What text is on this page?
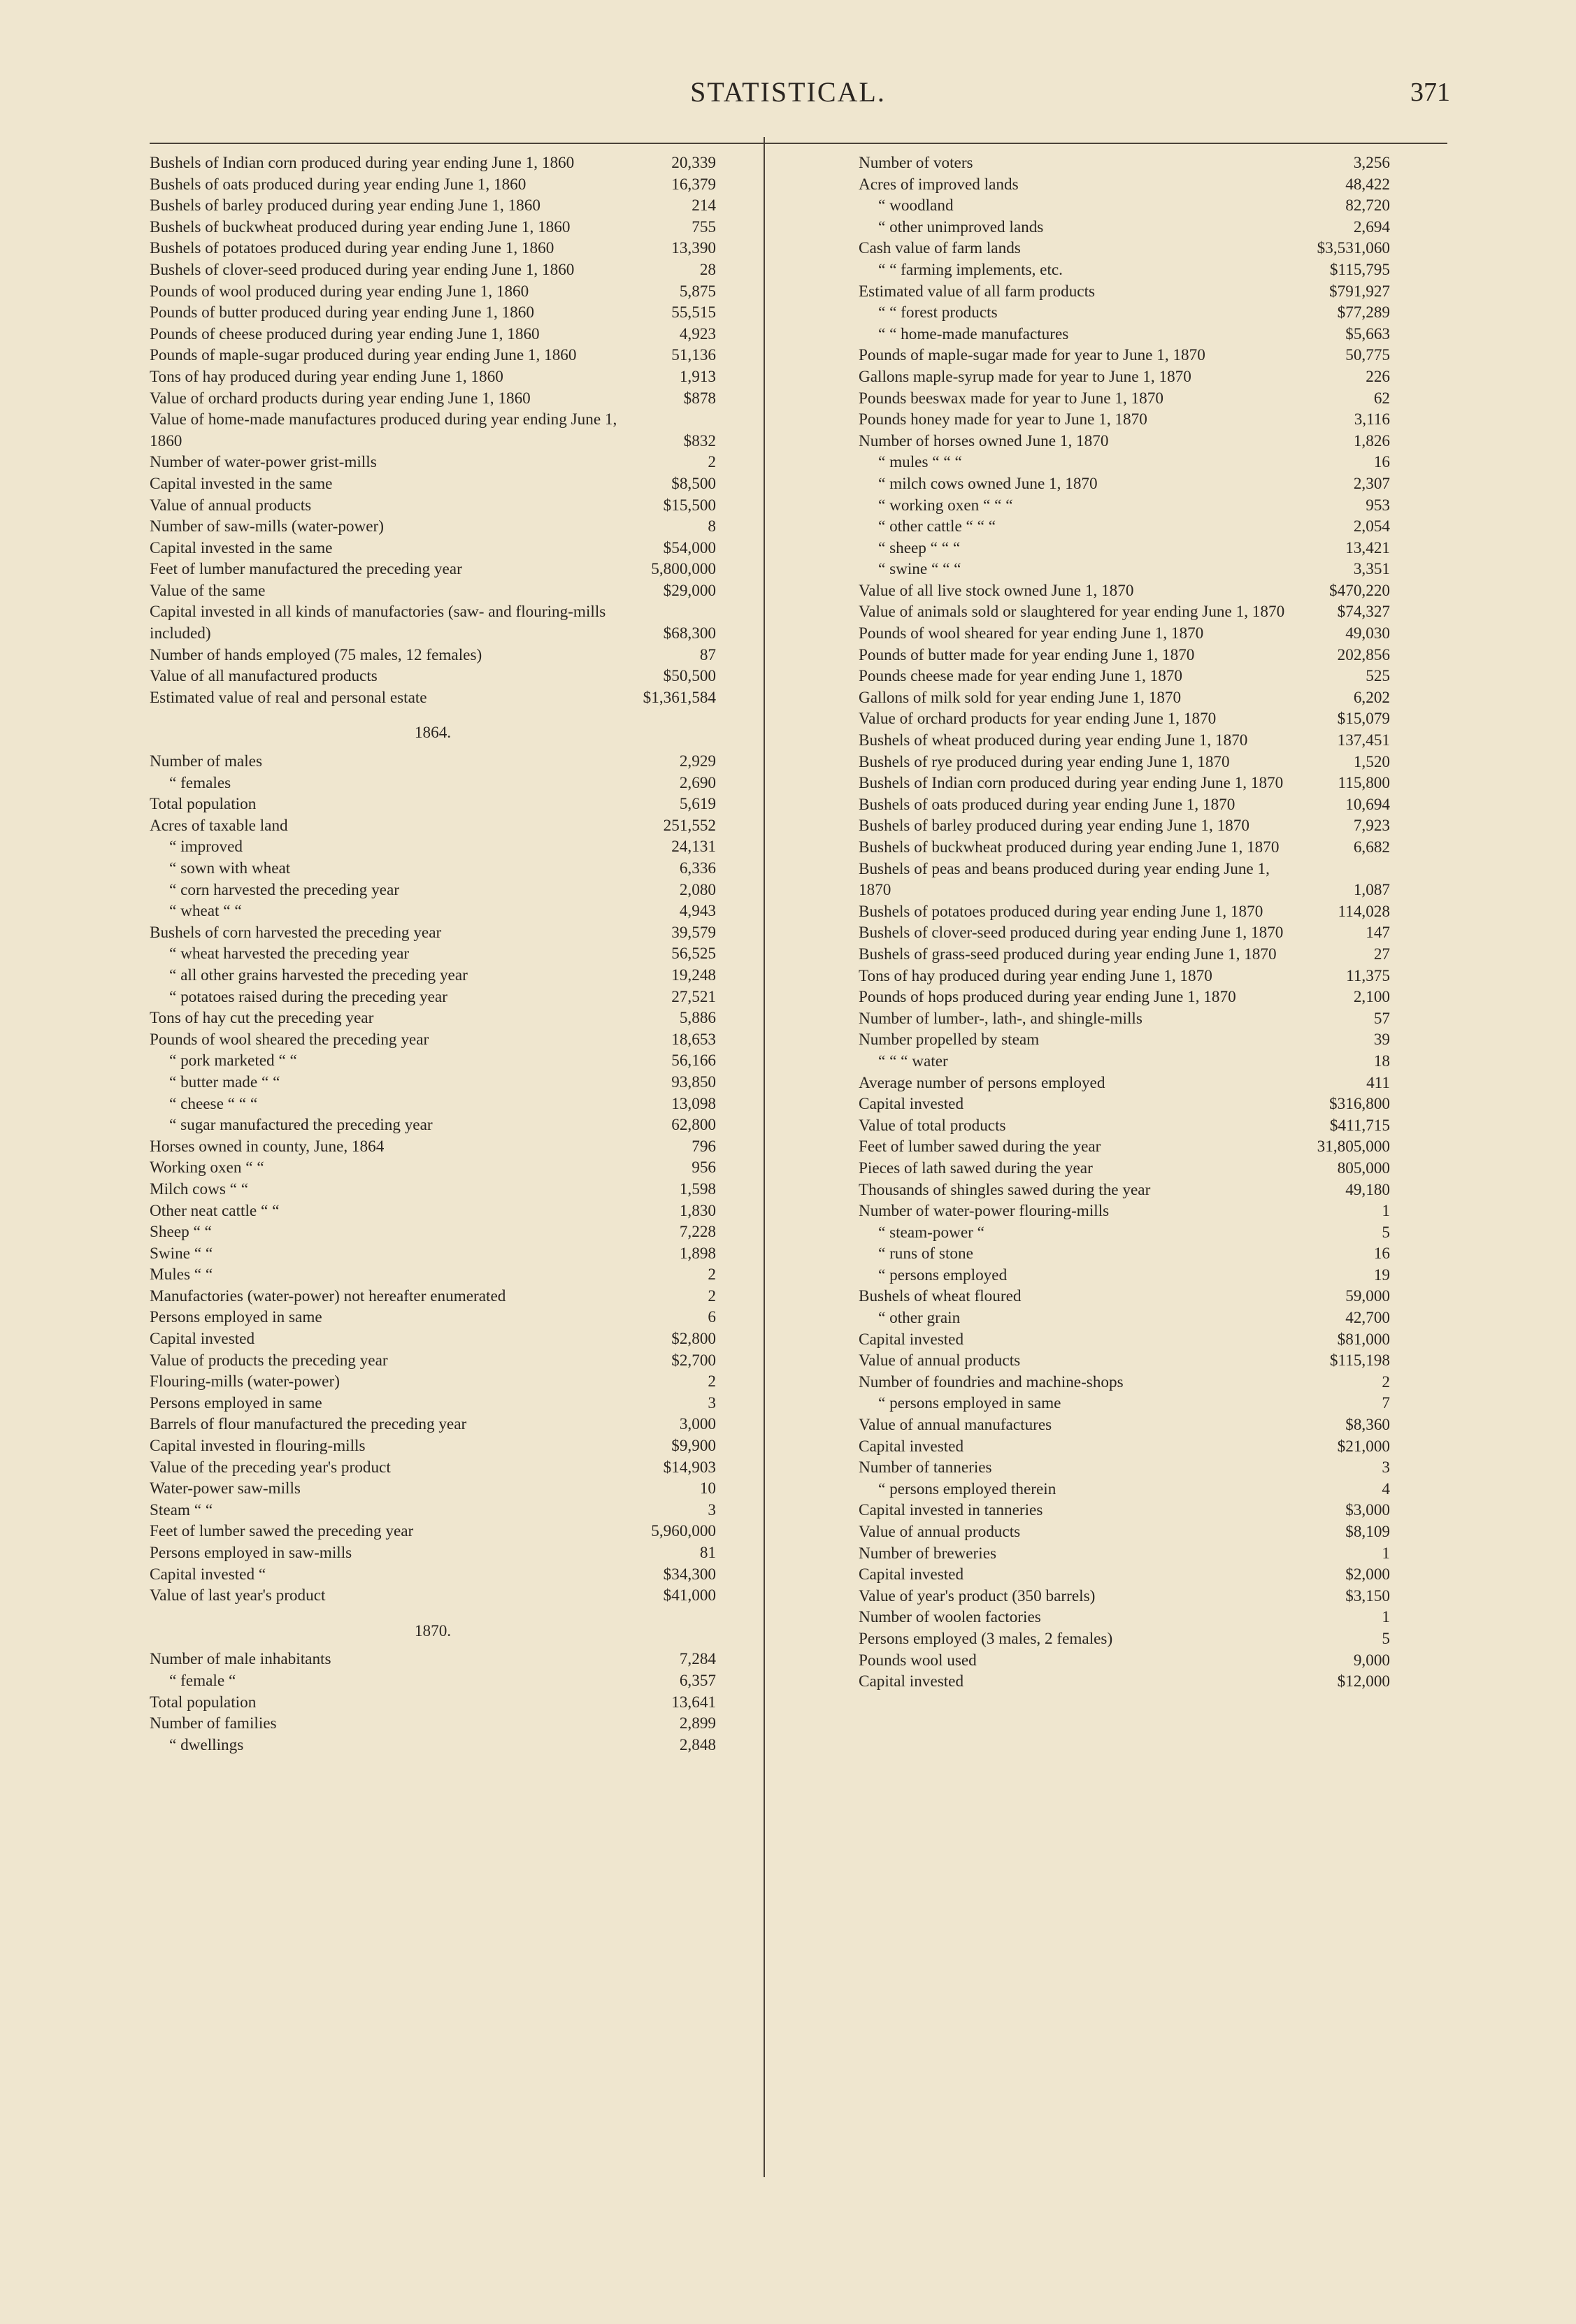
STATISTICAL.	371
Bushels of Indian corn produced during year ending June 1, 1860	20,339
Bushels of oats produced during year ending June 1, 1860	16,379
Bushels of barley produced during year ending June 1, 1860	214
Bushels of buckwheat produced during year ending June 1, 1860	755
Bushels of potatoes produced during year ending June 1, 1860	13,390
Bushels of clover-seed produced during year ending June 1, 1860	28
Pounds of wool produced during year ending June 1, 1860	5,875
Pounds of butter produced during year ending June 1, 1860	55,515
Pounds of cheese produced during year ending June 1, 1860	4,923
Pounds of maple-sugar produced during year ending June 1, 1860	51,136
Tons of hay produced during year ending June 1, 1860	1,913
Value of orchard products during year ending June 1, 1860	$878
Value of home-made manufactures produced during year ending June 1, 1860	$832
Number of water-power grist-mills	2
Capital invested in the same	$8,500
Value of annual products	$15,500
Number of saw-mills (water-power)	8
Capital invested in the same	$54,000
Feet of lumber manufactured the preceding year	5,800,000
Value of the same	$29,000
Capital invested in all kinds of manufactories (saw- and flouring-mills included)	$68,300
Number of hands employed (75 males, 12 females)	87
Value of all manufactured products	$50,500
Estimated value of real and personal estate	$1,361,584
1864.
Number of males	2,929
“ females	2,690
Total population	5,619
Acres of taxable land	251,552
“ improved	24,131
“ sown with wheat	6,336
“ corn harvested the preceding year	2,080
“ wheat “ “	4,943
Bushels of corn harvested the preceding year	39,579
“ wheat harvested the preceding year	56,525
“ all other grains harvested the preceding year	19,248
“ potatoes raised during the preceding year	27,521
Tons of hay cut the preceding year	5,886
Pounds of wool sheared the preceding year	18,653
“ pork marketed “ “	56,166
“ butter made “ “	93,850
“ cheese “ “ “	13,098
“ sugar manufactured the preceding year	62,800
Horses owned in county, June, 1864	796
Working oxen “ “	956
Milch cows “ “	1,598
Other neat cattle “ “	1,830
Sheep “ “	7,228
Swine “ “	1,898
Mules “ “	2
Manufactories (water-power) not hereafter enumerated	2
Persons employed in same	6
Capital invested	$2,800
Value of products the preceding year	$2,700
Flouring-mills (water-power)	2
Persons employed in same	3
Barrels of flour manufactured the preceding year	3,000
Capital invested in flouring-mills	$9,900
Value of the preceding year's product	$14,903
Water-power saw-mills	10
Steam “ “	3
Feet of lumber sawed the preceding year	5,960,000
Persons employed in saw-mills	81
Capital invested “	$34,300
Value of last year's product	$41,000
1870.
Number of male inhabitants	7,284
“ female “	6,357
Total population	13,641
Number of families	2,899
“ dwellings	2,848
Number of voters	3,256
Acres of improved lands	48,422
“ woodland	82,720
“ other unimproved lands	2,694
Cash value of farm lands	$3,531,060
“ “ farming implements, etc.	$115,795
Estimated value of all farm products	$791,927
“ “ forest products	$77,289
“ “ home-made manufactures	$5,663
Pounds of maple-sugar made for year to June 1, 1870	50,775
Gallons maple-syrup made for year to June 1, 1870	226
Pounds beeswax made for year to June 1, 1870	62
Pounds honey made for year to June 1, 1870	3,116
Number of horses owned June 1, 1870	1,826
“ mules “ “ “	16
“ milch cows owned June 1, 1870	2,307
“ working oxen “ “ “	953
“ other cattle “ “ “	2,054
“ sheep “ “ “	13,421
“ swine “ “ “	3,351
Value of all live stock owned June 1, 1870	$470,220
Value of animals sold or slaughtered for year ending June 1, 1870	$74,327
Pounds of wool sheared for year ending June 1, 1870	49,030
Pounds of butter made for year ending June 1, 1870	202,856
Pounds cheese made for year ending June 1, 1870	525
Gallons of milk sold for year ending June 1, 1870	6,202
Value of orchard products for year ending June 1, 1870	$15,079
Bushels of wheat produced during year ending June 1, 1870	137,451
Bushels of rye produced during year ending June 1, 1870	1,520
Bushels of Indian corn produced during year ending June 1, 1870	115,800
Bushels of oats produced during year ending June 1, 1870	10,694
Bushels of barley produced during year ending June 1, 1870	7,923
Bushels of buckwheat produced during year ending June 1, 1870	6,682
Bushels of peas and beans produced during year ending June 1, 1870	1,087
Bushels of potatoes produced during year ending June 1, 1870	114,028
Bushels of clover-seed produced during year ending June 1, 1870	147
Bushels of grass-seed produced during year ending June 1, 1870	27
Tons of hay produced during year ending June 1, 1870	11,375
Pounds of hops produced during year ending June 1, 1870	2,100
Number of lumber-, lath-, and shingle-mills	57
Number propelled by steam	39
“ “ “ water	18
Average number of persons employed	411
Capital invested	$316,800
Value of total products	$411,715
Feet of lumber sawed during the year	31,805,000
Pieces of lath sawed during the year	805,000
Thousands of shingles sawed during the year	49,180
Number of water-power flouring-mills	1
“ steam-power “	5
“ runs of stone	16
“ persons employed	19
Bushels of wheat floured	59,000
“ other grain	42,700
Capital invested	$81,000
Value of annual products	$115,198
Number of foundries and machine-shops	2
“ persons employed in same	7
Value of annual manufactures	$8,360
Capital invested	$21,000
Number of tanneries	3
“ persons employed therein	4
Capital invested in tanneries	$3,000
Value of annual products	$8,109
Number of breweries	1
Capital invested	$2,000
Value of year's product (350 barrels)	$3,150
Number of woolen factories	1
Persons employed (3 males, 2 females)	5
Pounds wool used	9,000
Capital invested	$12,000
